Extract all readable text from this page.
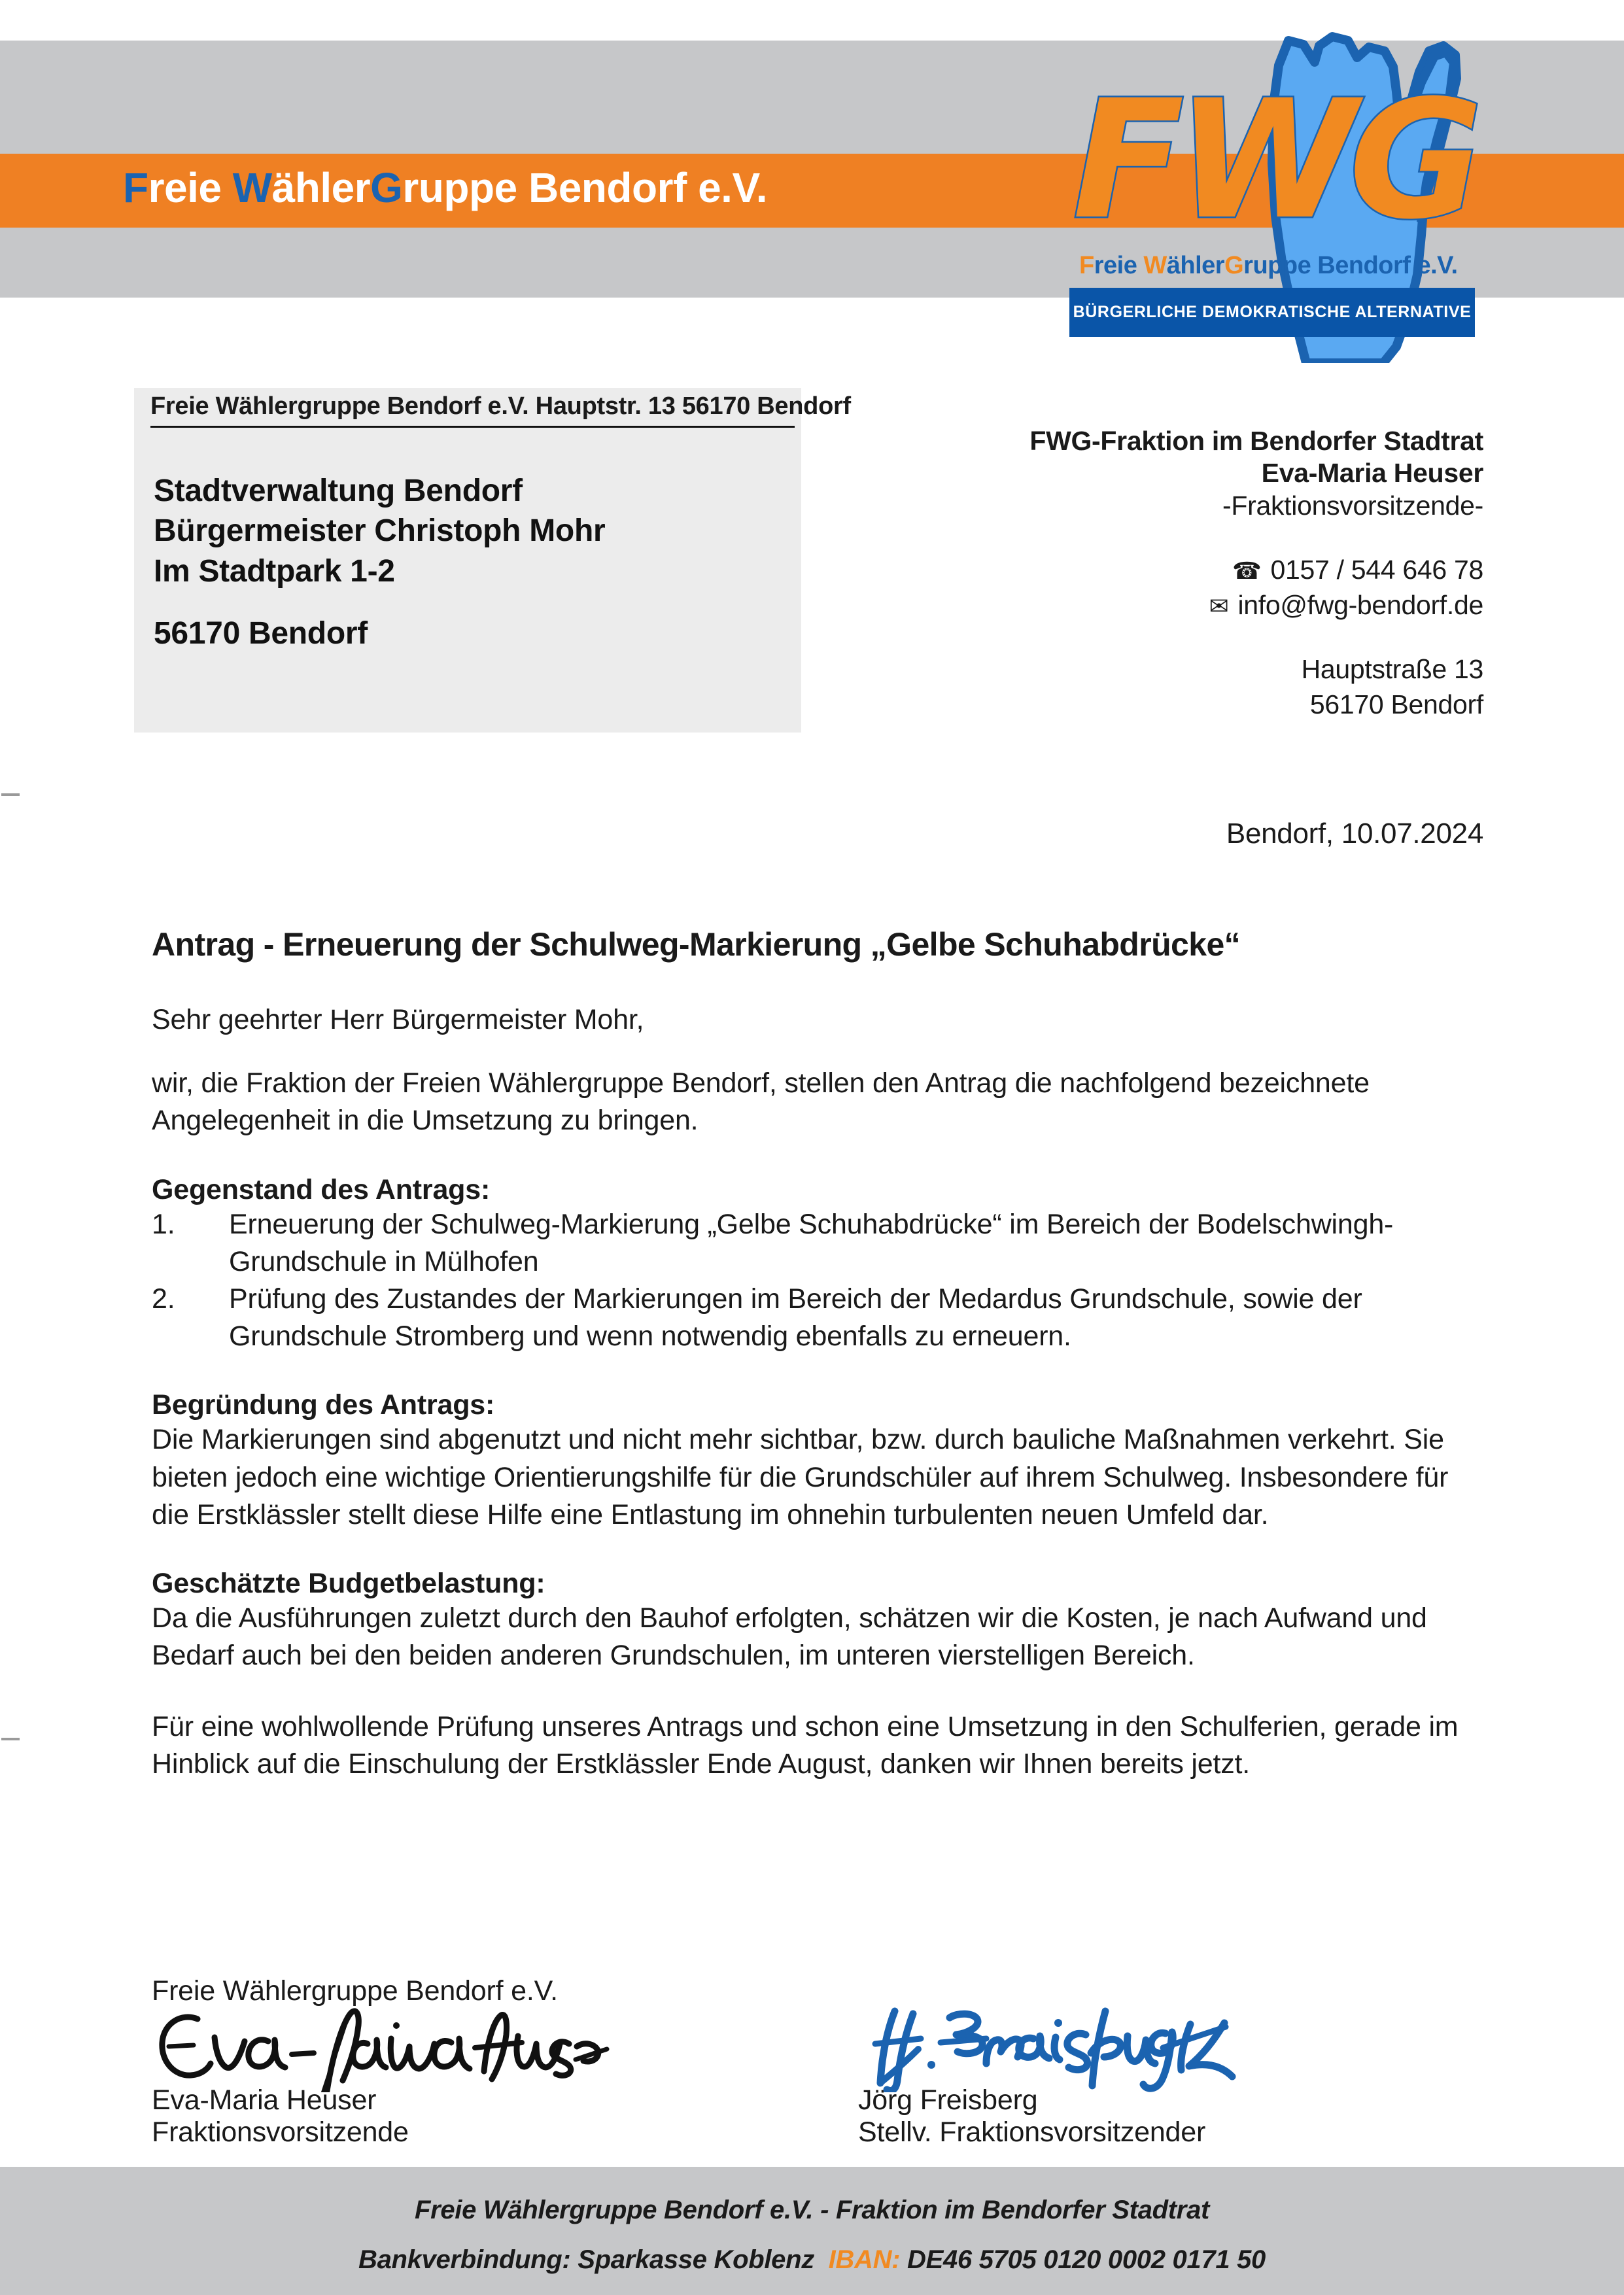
Freie WählerGruppe Bendorf e.V. FWG
Freie WählerGruppe Bendorf e.V.
BÜRGERLICHE DEMOKRATISCHE ALTERNATIVE
Freie Wählergruppe Bendorf e.V. Hauptstr. 13 56170 Bendorf
Stadtverwaltung Bendorf
Bürgermeister Christoph Mohr
Im Stadtpark 1-2
56170 Bendorf
FWG-Fraktion im Bendorfer Stadtrat
Eva-Maria Heuser
-Fraktionsvorsitzende-
☎ 0157 / 544 646 78
✉ info@fwg-bendorf.de
Hauptstraße 13
56170 Bendorf
Bendorf, 10.07.2024
Antrag - Erneuerung der Schulweg-Markierung „Gelbe Schuhabdrücke“
Sehr geehrter Herr Bürgermeister Mohr,
wir, die Fraktion der Freien Wählergruppe Bendorf, stellen den Antrag die nachfolgend bezeichnete Angelegenheit in die Umsetzung zu bringen.
Gegenstand des Antrags:
1.	Erneuerung der Schulweg-Markierung „Gelbe Schuhabdrücke“ im Bereich der Bodelschwingh-Grundschule in Mülhofen
2.	Prüfung des Zustandes der Markierungen im Bereich der Medardus Grundschule, sowie der Grundschule Stromberg und wenn notwendig ebenfalls zu erneuern.
Begründung des Antrags:
Die Markierungen sind abgenutzt und nicht mehr sichtbar, bzw. durch bauliche Maßnahmen verkehrt. Sie bieten jedoch eine wichtige Orientierungshilfe für die Grundschüler auf ihrem Schulweg. Insbesondere für die Erstklässler stellt diese Hilfe eine Entlastung im ohnehin turbulenten neuen Umfeld dar.
Geschätzte Budgetbelastung:
Da die Ausführungen zuletzt durch den Bauhof erfolgten, schätzen wir die Kosten, je nach Aufwand und Bedarf auch bei den beiden anderen Grundschulen, im unteren vierstelligen Bereich.
Für eine wohlwollende Prüfung unseres Antrags und schon eine Umsetzung in den Schulferien, gerade im Hinblick auf die Einschulung der Erstklässler Ende August, danken wir Ihnen bereits jetzt.
Freie Wählergruppe Bendorf e.V.
Eva-Maria Heuser
Fraktionsvorsitzende
Jörg Freisberg
Stellv. Fraktionsvorsitzender
Freie Wählergruppe Bendorf e.V. - Fraktion im Bendorfer Stadtrat
Bankverbindung: Sparkasse Koblenz IBAN: DE46 5705 0120 0002 0171 50
